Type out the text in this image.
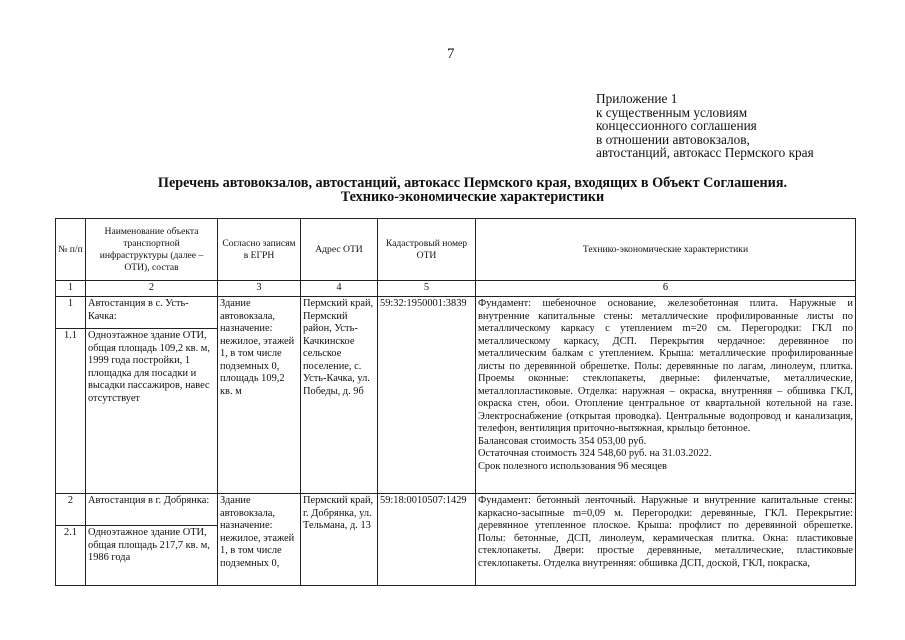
7
Приложение 1
к существенным условиям
концессионного соглашения
в отношении автовокзалов,
автостанций, автокасс Пермского края
Перечень автовокзалов, автостанций, автокасс Пермского края, входящих в Объект Соглашения.
Технико-экономические характеристики
№ п/п	Наименование объекта транспортной инфраструктуры (далее – ОТИ), состав	Согласно записям в ЕГРН	Адрес ОТИ	Кадастровый номер ОТИ	Технико-экономические характеристики
1	2	3	4	5	6
1	Автостанция в с. Усть-Качка:	Здание автовокзала, назначение: нежилое, этажей 1, в том числе подземных 0, площадь 109,2 кв. м	Пермский край, Пермский район, Усть-Качкинское сельское поселение, с. Усть-Качка, ул. Победы, д. 9б	59:32:1950001:3839	Фундамент: шебеночное основание, железобетонная плита. Наружные и внутренние капитальные стены: металлические профилированные листы по металлическому каркасу с утеплением m=20 см. Перегородки: ГКЛ по металлическому каркасу, ДСП. Перекрытия чердачное: деревянное по металлическим балкам с утеплением. Крыша: металлические профилированные листы по деревянной обрешетке. Полы: деревянные по лагам, линолеум, плитка. Проемы оконные: стеклопакеты, дверные: филенчатые, металлические, металлопластиковые. Отделка: наружная – окраска, внутренняя – обшивка ГКЛ, окраска стен, обои. Отопление центральное от квартальной котельной на газе. Электроснабжение (открытая проводка). Центральные водопровод и канализация, телефон, вентиляция приточно-вытяжная, крыльцо бетонное.
Балансовая стоимость 354 053,00 руб.
Остаточная стоимость 324 548,60 руб. на 31.03.2022.
Срок полезного использования 96 месяцев

1.1	Одноэтажное здание ОТИ, общая площадь 109,2 кв. м, 1999 года постройки, 1 площадка для посадки и высадки пассажиров, навес отсутствует				
2	Автостанция в г. Добрянка:	Здание автовокзала, назначение: нежилое, этажей 1, в том числе подземных 0,	Пермский край, г. Добрянка, ул. Тельмана, д. 13	59:18:0010507:1429	Фундамент: бетонный ленточный. Наружные и внутренние капитальные стены: каркасно-засыпные m=0,09 м. Перегородки: деревянные, ГКЛ. Перекрытие: деревянное утепленное плоское. Крыша: профлист по деревянной обрешетке. Полы: бетонные, ДСП, линолеум, керамическая плитка. Окна: пластиковые стеклопакеты. Двери: простые деревянные, металлические, пластиковые стеклопакеты. Отделка внутренняя: обшивка ДСП, доской, ГКЛ, покраска,

2.1	Одноэтажное здание ОТИ, общая площадь 217,7 кв. м, 1986 года				
